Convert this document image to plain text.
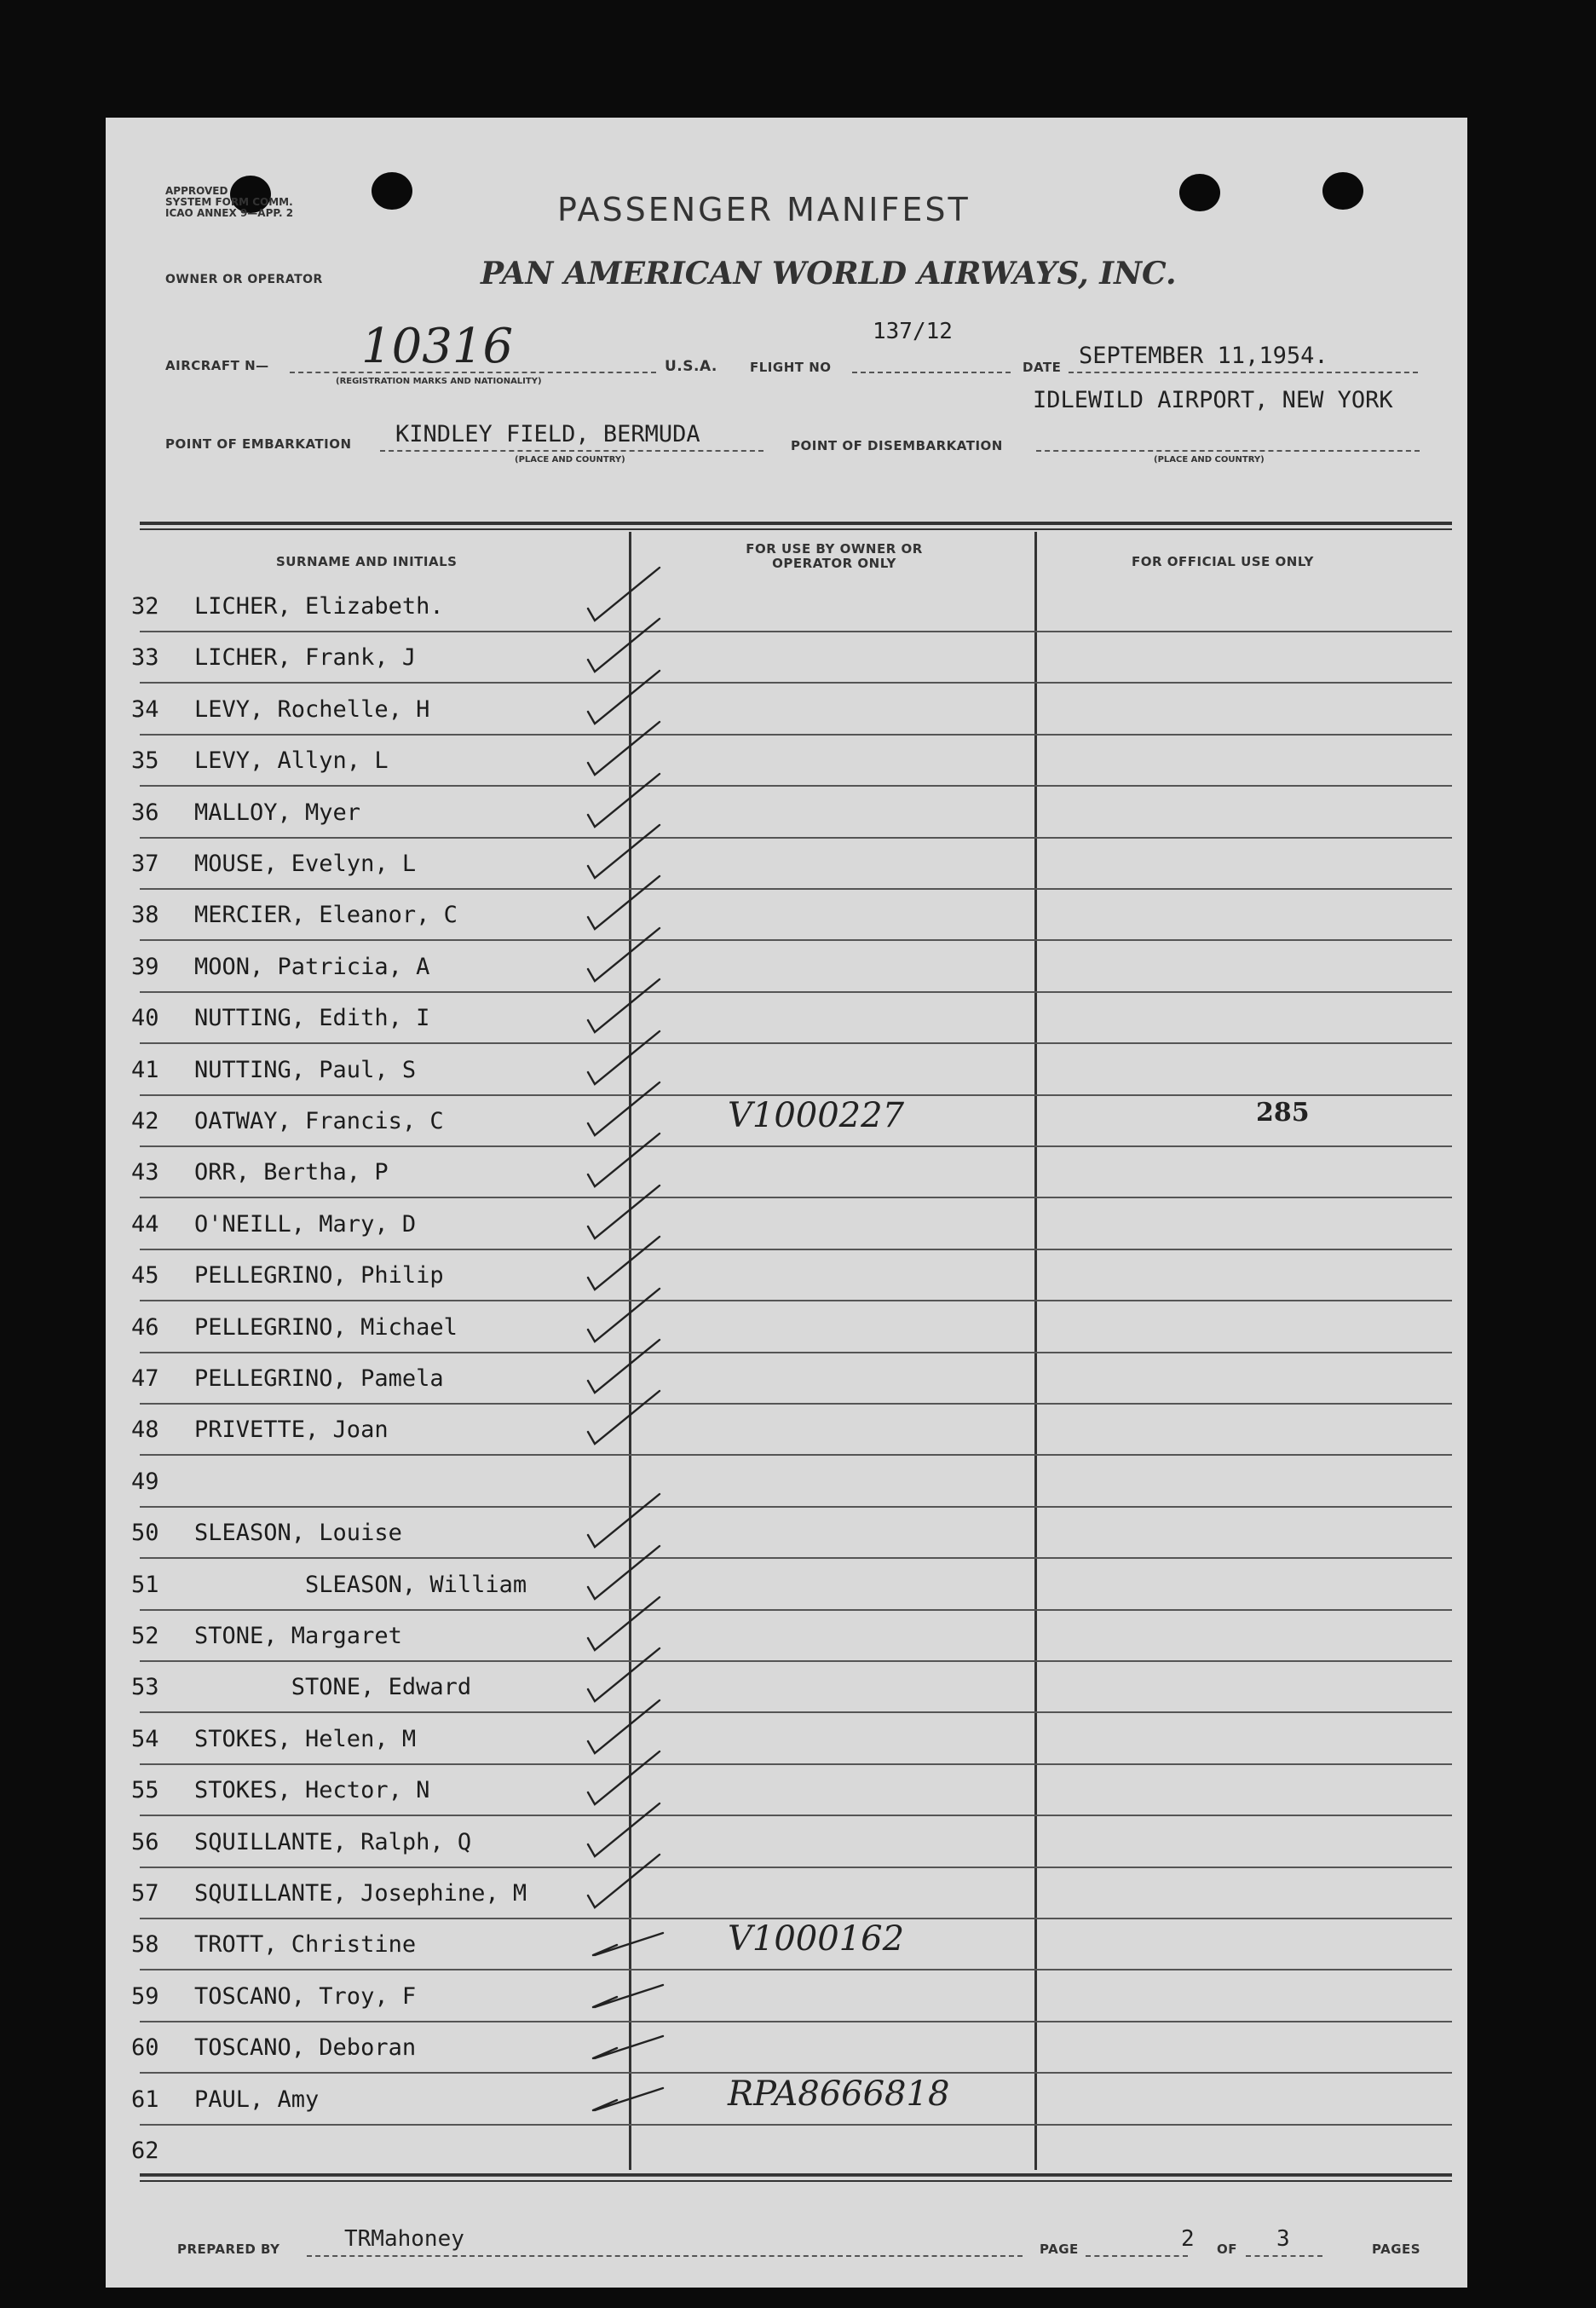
APPROVED
SYSTEM FORM COMM.
ICAO ANNEX 9—APP. 2	PASSENGER MANIFEST
OWNER OR OPERATOR	PAN AMERICAN WORLD AIRWAYS, INC.
AIRCRAFT N— 10316
(REGISTRATION MARKS AND NATIONALITY)
U.S.A.	FLIGHT NO
137/12
DATE SEPTEMBER 11,1954.
IDLEWILD AIRPORT, NEW YORK
POINT OF EMBARKATION KINDLEY FIELD, BERMUDA
(PLACE AND COUNTRY)
POINT OF DISEMBARKATION
(PLACE AND COUNTRY)
SURNAME AND INITIALS
FOR USE BY OWNER OR OPERATOR ONLY	FOR OFFICIAL USE ONLY
32 LICHER, Elizabeth.
33 LICHER, Frank, J
34 LEVY, Rochelle, H
35 LEVY, Allyn, L
36 MALLOY, Myer
37 MOUSE, Evelyn, L
38 MERCIER, Eleanor, C
39 MOON, Patricia, A
40 NUTTING, Edith, I
41 NUTTING, Paul, S
42 OATWAY, Francis, C	V1000227	285
43 ORR, Bertha, P
44 O'NEILL, Mary, D
45 PELLEGRINO, Philip
46 PELLEGRINO, Michael
47 PELLEGRINO, Pamela
48 PRIVETTE, Joan
49
50 SLEASON, Louise
51 SLEASON, William
52 STONE, Margaret
53 STONE, Edward
54 STOKES, Helen, M
55 STOKES, Hector, N
56 SQUILLANTE, Ralph, Q
57 SQUILLANTE, Josephine, M
58 TROTT, Christine	V1000162
59 TOSCANO, Troy, F
60 TOSCANO, Deboran
61 PAUL, Amy	RPA8666818
62
PREPARED BY	TRMahoney	PAGE	2 OF 3	PAGES
